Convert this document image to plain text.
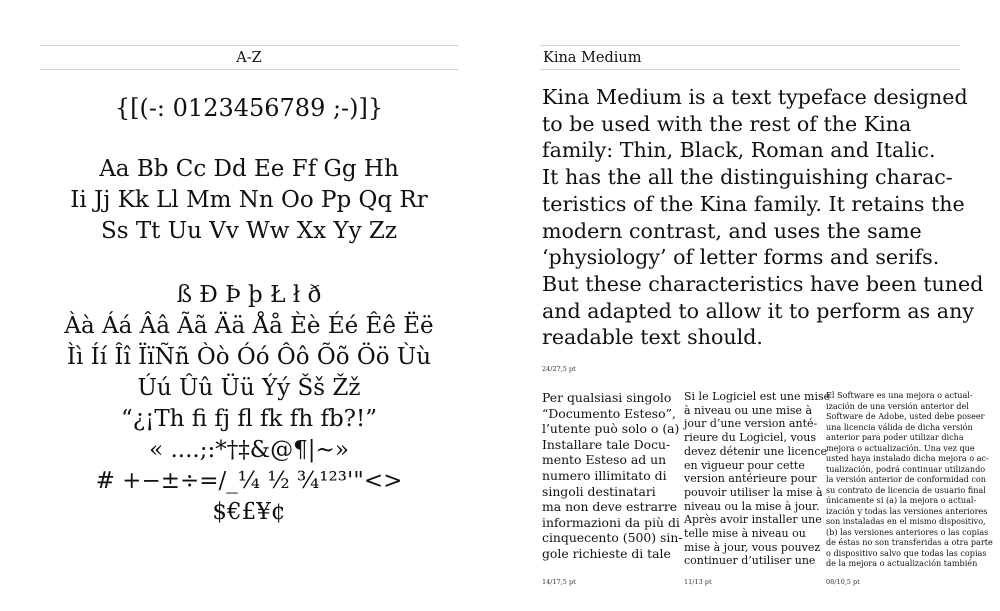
A-Z
{[(-: 0123456789 ;-)]}
Aa Bb Cc Dd Ee Ff Gg Hh
Ii Jj Kk Ll Mm Nn Oo Pp Qq Rr
Ss Tt Uu Vv Ww Xx Yy Zz
ß Đ Þ þ Ł ł ð
Àà Áá Ââ Ãã Ää Åå Èè Éé Êê Ëë
Ìì Íí Îî ÏïÑñ Òò Óó Ôô Õõ Öö Ùù
Úú Ûû Üü Ýý Šš Žž
“¿¡Th fi fj fl fk fh fb?!”
« ....;:*†‡&@¶|~»
# +−±÷=/_¼ ½ ¾¹²³'"<>
$€£¥¢
Kina Medium
Kina Medium is a text typeface designed
to be used with the rest of the Kina
family: Thin, Black, Roman and Italic.
It has the all the distinguishing charac-
teristics of the Kina family. It retains the
modern contrast, and uses the same
‘physiology’ of letter forms and serifs.
But these characteristics have been tuned
and adapted to allow it to perform as any
readable text should.
24/27,5 pt
Per qualsiasi singolo
“Documento Esteso”,
l’utente può solo o (a)
Installare tale Docu-
mento Esteso ad un
numero illimitato di
singoli destinatari
ma non deve estrarre
informazioni da più di
cinquecento (500) sin-
gole richieste di tale
Si le Logiciel est une mise
à niveau ou une mise à
jour d’une version anté-
rieure du Logiciel, vous
devez détenir une licence
en vigueur pour cette
version antérieure pour
pouvoir utiliser la mise à
niveau ou la mise à jour.
Après avoir installer une
telle mise à niveau ou
mise à jour, vous pouvez
continuer d’utiliser une
El Software es una mejora o actual-
ización de una versión anterior del
Software de Adobe, usted debe poseer
una licencia válida de dicha versión
anterior para poder utilizar dicha
mejora o actualización. Una vez que
usted haya instalado dicha mejora o ac-
tualización, podrá continuar utilizando
la versión anterior de conformidad con
su contrato de licencia de usuario final
únicamente si (a) la mejora o actual-
ización y todas las versiones anteriores
son instaladas en el mismo dispositivo,
(b) las versiones anteriores o las copias
de éstas no son transferidas a otra parte
o dispositivo salvo que todas las copias
de la mejora o actualización también
14/17,5 pt	11/13 pt	08/10,5 pt
